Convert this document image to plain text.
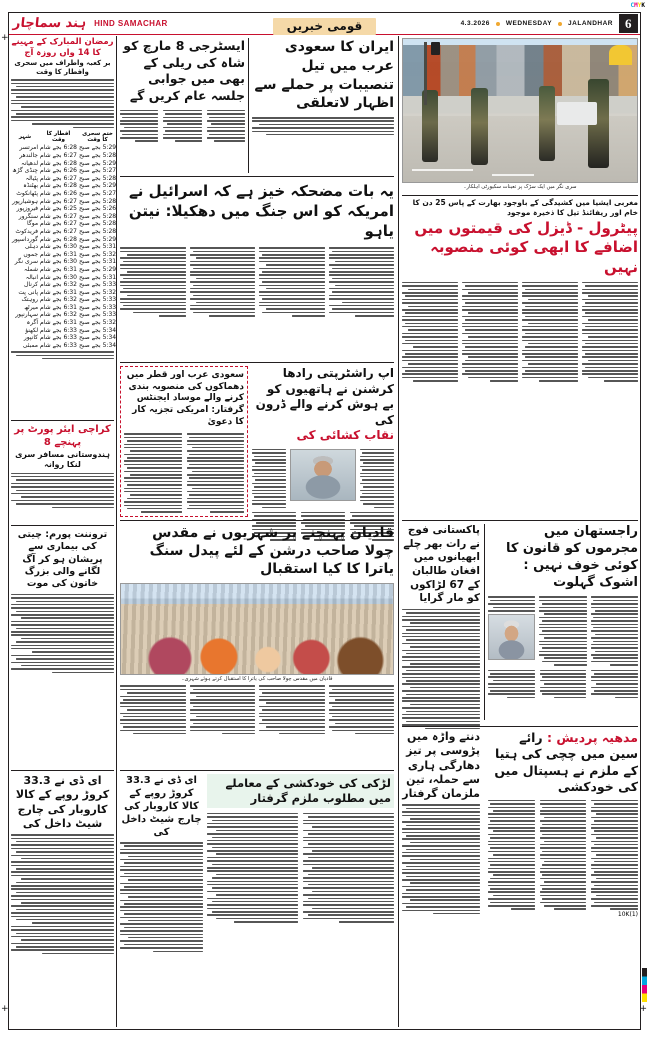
CMYK
+
+	+
ہند سماچار HIND SAMACHAR	قومی خبریں	4.3.2026 WEDNESDAY JALANDHAR 6
رمضان المبارک کے مہینے کا 14 واں روزہ آج
بر کعبہ واطراف میں سحری وافطار کا وقت
ختم سحری کا وقت	افطار کا وقت	شہر
5:29 بجے صبح	6:28 بجے شام	امرتسر
5:28 بجے صبح	6:27 بجے شام	جالندھر
5:29 بجے صبح	6:28 بجے شام	لدھیانہ
5:27 بجے صبح	6:26 بجے شام	چنڈی گڑھ
5:28 بجے صبح	6:27 بجے شام	پٹیالہ
5:29 بجے صبح	6:28 بجے شام	بھٹنڈہ
5:27 بجے صبح	6:26 بجے شام	پٹھانکوٹ
5:28 بجے صبح	6:27 بجے شام	ہوشیارپور
5:26 بجے صبح	6:25 بجے شام	فیروزپور
5:28 بجے صبح	6:27 بجے شام	سنگرور
5:28 بجے صبح	6:27 بجے شام	موگا
5:28 بجے صبح	6:27 بجے شام	فریدکوٹ
5:29 بجے صبح	6:28 بجے شام	گورداسپور
5:31 بجے صبح	6:30 بجے شام	دہلی
5:32 بجے صبح	6:31 بجے شام	جموں
5:31 بجے صبح	6:30 بجے شام	سری نگر
5:29 بجے صبح	6:31 بجے شام	شملہ
5:31 بجے صبح	6:30 بجے شام	انبالہ
5:33 بجے صبح	6:32 بجے شام	کرنال
5:32 بجے صبح	6:31 بجے شام	پانی پت
5:33 بجے صبح	6:32 بجے شام	روہتک
5:33 بجے صبح	6:31 بجے شام	میرٹھ
5:33 بجے صبح	6:32 بجے شام	سہارنپور
5:32 بجے صبح	6:31 بجے شام	آگرہ
5:34 بجے صبح	6:33 بجے شام	لکھنؤ
5:34 بجے صبح	6:33 بجے شام	کانپور
5:34 بجے صبح	6:33 بجے شام	ممبئی
کراچی ایئر پورٹ پر پہنچے 8
ہندوستانی مسافر سری لنکا روانہ
تروننت پورم: چیتی کی بیماری سے پریشان ہو کر آگ لگانے والی بزرگ خاتون کی موت
ای ڈی نے 33.3 کروڑ روپے کے کالا کاروبار کی چارج شیٹ داخل کی
ایسٹرجی 8 مارچ کو شاہ کی ریلی کے بھی میں جوابی جلسہ عام کریں گے
ایران کا سعودی عرب میں تیل تنصیبات پر حملے سے اظہار لاتعلقی
یہ بات مضحکہ خیز ہے کہ اسرائیل نے امریکہ کو اس جنگ میں دھکیلا: نیتن یاہو
سعودی عرب اور قطر میں دھماکوں کی منصوبہ بندی کرنے والے موساد ایجنٹس گرفتار: امریکی تجزیہ کار کا دعویٰ
اپ راشٹرپتی رادھا کرشنن نے ہاتھیوں کو بے ہوش کرنے والے ڈرون کی
نقاب کشائی کی
قادیان پہنچنے پر شہریوں نے مقدس چولا صاحب درشن کے لئے پیدل سنگ یاترا کا کیا استقبال
قادیان میں مقدس چولا صاحب کی یاترا کا استقبال کرتے ہوئے شہری۔
لڑکی کی خودکشی کے معاملے میں مطلوب ملزم گرفتار
ای ڈی نے 33.3 کروڑ روپے کے کالا کاروبار کی چارج شیٹ داخل کی
سری نگر میں ایک سڑک پر تعینات سکیورٹی اہلکار۔
مغربی ایشیا میں کشیدگی کے باوجود بھارت کے پاس 25 دن کا خام اور ریفائنڈ تیل کا ذخیرہ موجود
پیٹرول - ڈیزل کی قیمتوں میں اضافے کا ابھی کوئی منصوبہ نہیں
پاکستانی فوج نے رات بھر چلے ابھیانوں میں افغان طالبان کے 67 لڑاکوں کو مار گرایا
راجستھان میں مجرموں کو قانون کا کوئی خوف نہیں : اشوک گہلوت
دنتے واڑہ میں پڑوسی پر تیز دھارگی ہاری سے حملہ، تین ملزمان گرفتار
مدھیہ پردیش : رائے سین میں چچی کی ہتیا کے ملزم نے ہسپتال میں کی خودکشی
10K(1)
